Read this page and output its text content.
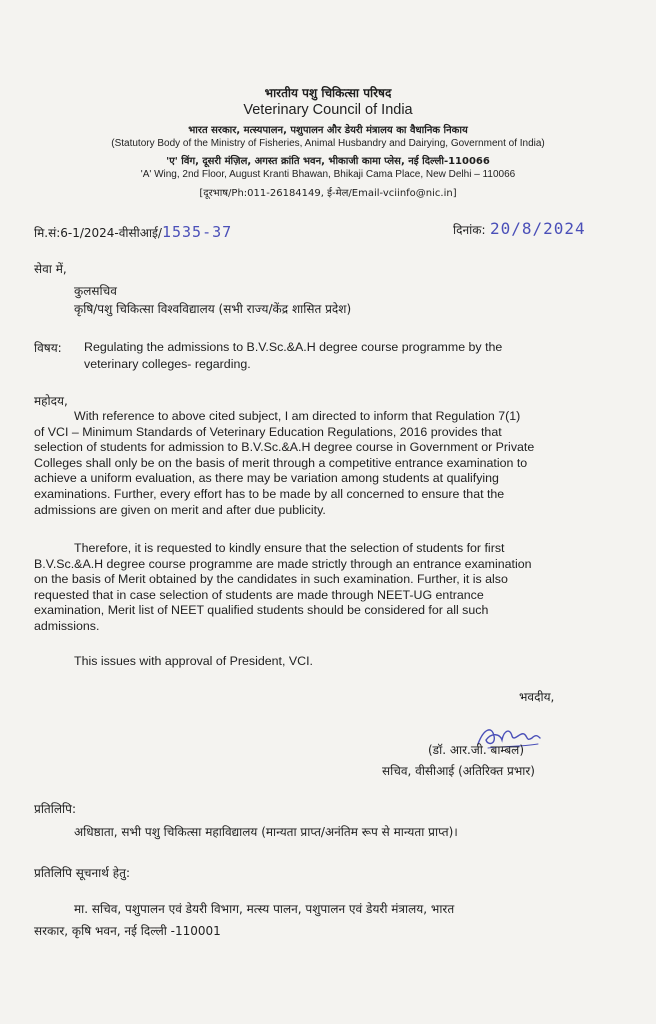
भारतीय पशु चिकित्सा परिषद
Veterinary Council of India
भारत सरकार, मत्स्यपालन, पशुपालन और डेयरी मंत्रालय का वैधानिक निकाय
(Statutory Body of the Ministry of Fisheries, Animal Husbandry and Dairying, Government of India)
'ए' विंग, दूसरी मंज़िल, अगस्त क्रांति भवन, भीकाजी कामा प्लेस, नई दिल्ली-110066
'A' Wing, 2nd Floor, August Kranti Bhawan, Bhikaji Cama Place, New Delhi – 110066
[दूरभाष/Ph:011-26184149, ई-मेल/Email-vciinfo@nic.in]
मि.सं:6-1/2024-वीसीआई/1535-37	दिनांक: 20/8/2024
सेवा में,
कुलसचिव
कृषि/पशु चिकित्सा विश्वविद्यालय (सभी राज्य/केंद्र शासित प्रदेश)
विषय: Regulating the admissions to B.V.Sc.&A.H degree course programme by the
veterinary colleges- regarding.
महोदय,
With reference to above cited subject, I am directed to inform that Regulation 7(1)
of VCI – Minimum Standards of Veterinary Education Regulations, 2016 provides that
selection of students for admission to B.V.Sc.&A.H degree course in Government or Private
Colleges shall only be on the basis of merit through a competitive entrance examination to
achieve a uniform evaluation, as there may be variation among students at qualifying
examinations. Further, every effort has to be made by all concerned to ensure that the
admissions are given on merit and after due publicity.
Therefore, it is requested to kindly ensure that the selection of students for first
B.V.Sc.&A.H degree course programme are made strictly through an entrance examination
on the basis of Merit obtained by the candidates in such examination. Further, it is also
requested that in case selection of students are made through NEET-UG entrance
examination, Merit list of NEET qualified students should be considered for all such
admissions.
This issues with approval of President, VCI.
भवदीय,
(डॉ. आर.जी. बाम्बल)
सचिव, वीसीआई (अतिरिक्त प्रभार)
प्रतिलिपि:
अधिष्ठाता, सभी पशु चिकित्सा महाविद्यालय (मान्यता प्राप्त/अनंतिम रूप से मान्यता प्राप्त)।
प्रतिलिपि सूचनार्थ हेतु:
मा. सचिव, पशुपालन एवं डेयरी विभाग, मत्स्य पालन, पशुपालन एवं डेयरी मंत्रालय, भारत
सरकार, कृषि भवन, नई दिल्ली -110001
